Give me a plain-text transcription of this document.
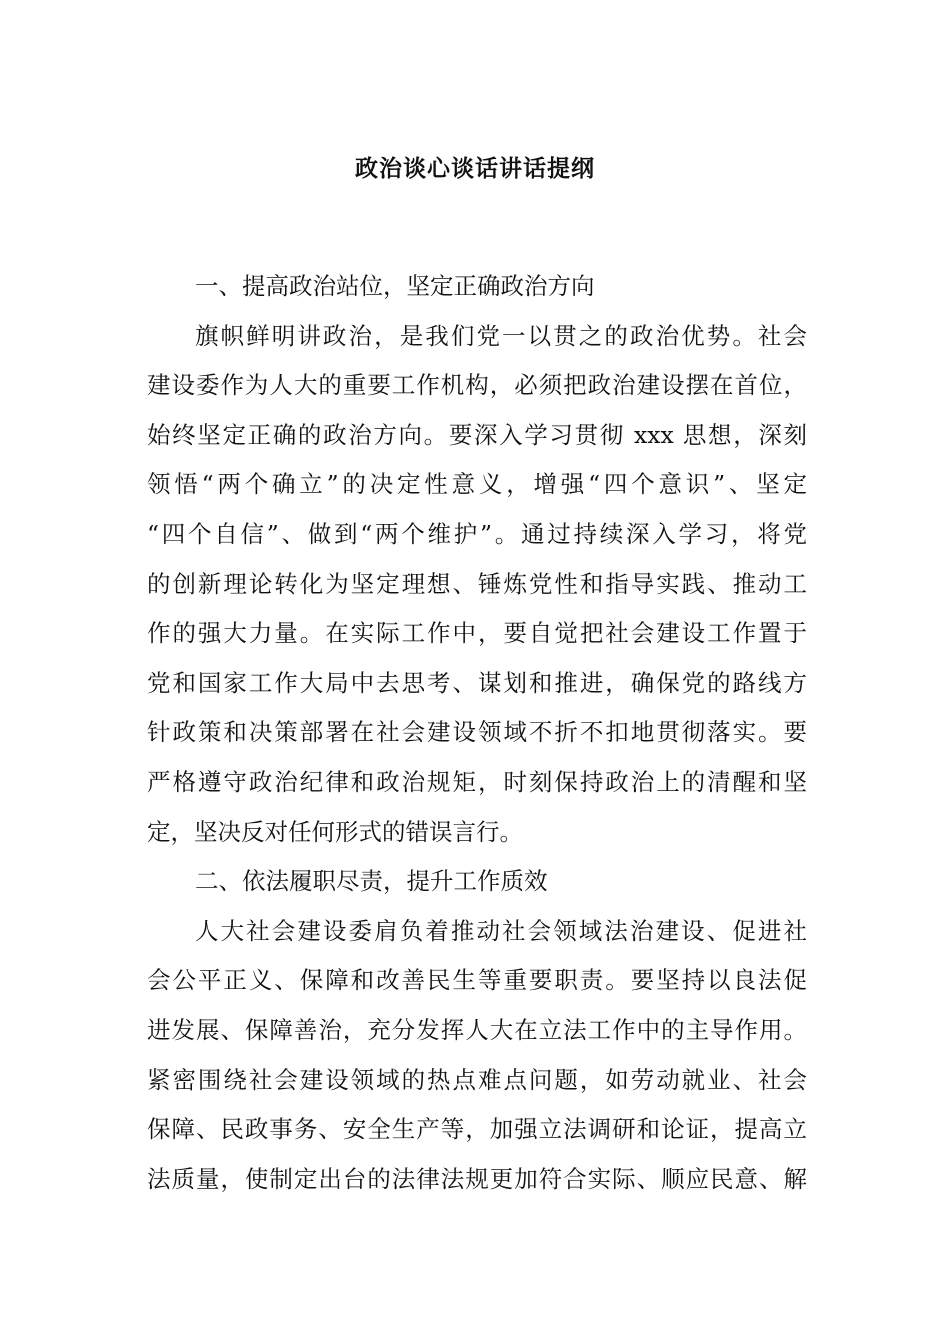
政治谈心谈话讲话提纲
一、提高政治站位，坚定正确政治方向
旗帜鲜明讲政治，是我们党一以贯之的政治优势。社会
建设委作为人大的重要工作机构，必须把政治建设摆在首位，
始终坚定正确的政治方向。要深入学习贯彻 xxx 思想，深刻
领悟“两个确立”的决定性意义，增强“四个意识”、坚定
“四个自信”、做到“两个维护”。通过持续深入学习，将党
的创新理论转化为坚定理想、锤炼党性和指导实践、推动工
作的强大力量。在实际工作中，要自觉把社会建设工作置于
党和国家工作大局中去思考、谋划和推进，确保党的路线方
针政策和决策部署在社会建设领域不折不扣地贯彻落实。要
严格遵守政治纪律和政治规矩，时刻保持政治上的清醒和坚
定，坚决反对任何形式的错误言行。
二、依法履职尽责，提升工作质效
人大社会建设委肩负着推动社会领域法治建设、促进社
会公平正义、保障和改善民生等重要职责。要坚持以良法促
进发展、保障善治，充分发挥人大在立法工作中的主导作用。
紧密围绕社会建设领域的热点难点问题，如劳动就业、社会
保障、民政事务、安全生产等，加强立法调研和论证，提高立
法质量，使制定出台的法律法规更加符合实际、顺应民意、解
